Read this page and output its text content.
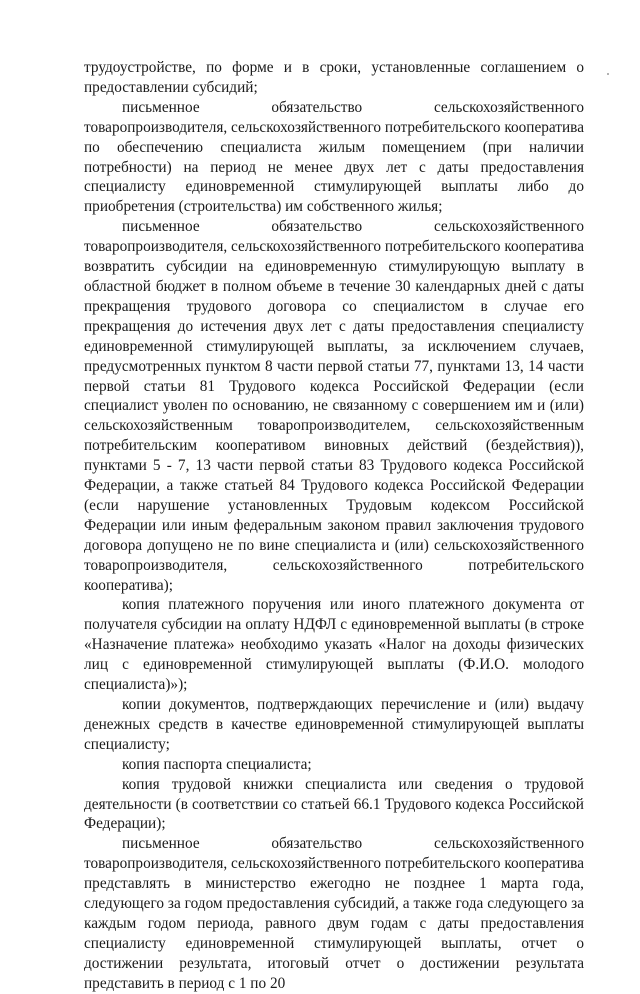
трудоустройстве, по форме и в сроки, установленные соглашением о предоставлении субсидий;

письменное обязательство сельскохозяйственного товаропроизводителя, сельскохозяйственного потребительского кооператива по обеспечению специалиста жилым помещением (при наличии потребности) на период не менее двух лет с даты предоставления специалисту единовременной стимулирующей выплаты либо до приобретения (строительства) им собственного жилья;

письменное обязательство сельскохозяйственного товаропроизводителя, сельскохозяйственного потребительского кооператива возвратить субсидии на единовременную стимулирующую выплату в областной бюджет в полном объеме в течение 30 календарных дней с даты прекращения трудового договора со специалистом в случае его прекращения до истечения двух лет с даты предоставления специалисту единовременной стимулирующей выплаты, за исключением случаев, предусмотренных пунктом 8 части первой статьи 77, пунктами 13, 14 части первой статьи 81 Трудового кодекса Российской Федерации (если специалист уволен по основанию, не связанному с совершением им и (или) сельскохозяйственным товаропроизводителем, сельскохозяйственным потребительским кооперативом виновных действий (бездействия)), пунктами 5 - 7, 13 части первой статьи 83 Трудового кодекса Российской Федерации, а также статьей 84 Трудового кодекса Российской Федерации (если нарушение установленных Трудовым кодексом Российской Федерации или иным федеральным законом правил заключения трудового договора допущено не по вине специалиста и (или) сельскохозяйственного товаропроизводителя, сельскохозяйственного потребительского кооператива);

копия платежного поручения или иного платежного документа от получателя субсидии на оплату НДФЛ с единовременной выплаты (в строке «Назначение платежа» необходимо указать «Налог на доходы физических лиц с единовременной стимулирующей выплаты (Ф.И.О. молодого специалиста)»);

копии документов, подтверждающих перечисление и (или) выдачу денежных средств в качестве единовременной стимулирующей выплаты специалисту;

копия паспорта специалиста;

копия трудовой книжки специалиста или сведения о трудовой деятельности (в соответствии со статьей 66.1 Трудового кодекса Российской Федерации);

письменное обязательство сельскохозяйственного товаропроизводителя, сельскохозяйственного потребительского кооператива представлять в министерство ежегодно не позднее 1 марта года, следующего за годом предоставления субсидий, а также года следующего за каждым годом периода, равного двум годам с даты предоставления специалисту единовременной стимулирующей выплаты, отчет о достижении результата, итоговый отчет о достижении результата представить в период с 1 по 20
